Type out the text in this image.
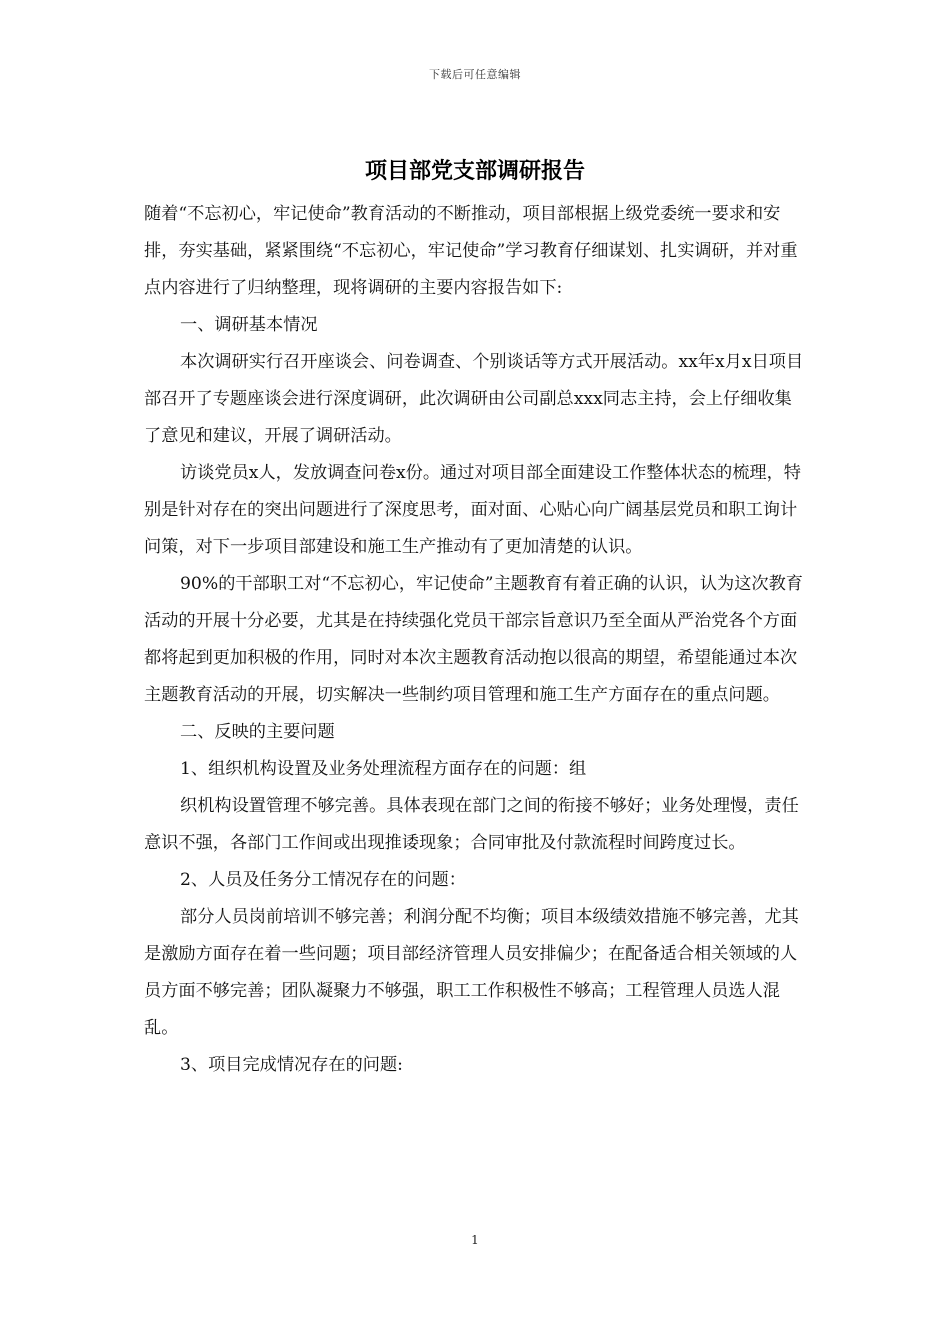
下载后可任意编辑
项目部党支部调研报告

随着“不忘初心，牢记使命”教育活动的不断推动，项目部根据上级党委统一要求和安排，夯实基础，紧紧围绕“不忘初心，牢记使命”学习教育仔细谋划、扎实调研，并对重点内容进行了归纳整理，现将调研的主要内容报告如下:

一、调研基本情况

本次调研实行召开座谈会、问卷调查、个别谈话等方式开展活动。xx年x月x日项目部召开了专题座谈会进行深度调研，此次调研由公司副总xxx同志主持，会上仔细收集了意见和建议，开展了调研活动。

访谈党员x人，发放调查问卷x份。通过对项目部全面建设工作整体状态的梳理，特别是针对存在的突出问题进行了深度思考，面对面、心贴心向广阔基层党员和职工询计问策，对下一步项目部建设和施工生产推动有了更加清楚的认识。

90%的干部职工对“不忘初心，牢记使命”主题教育有着正确的认识，认为这次教育活动的开展十分必要，尤其是在持续强化党员干部宗旨意识乃至全面从严治党各个方面都将起到更加积极的作用，同时对本次主题教育活动抱以很高的期望，希望能通过本次主题教育活动的开展，切实解决一些制约项目管理和施工生产方面存在的重点问题。

二、反映的主要问题

1、组织机构设置及业务处理流程方面存在的问题：组

织机构设置管理不够完善。具体表现在部门之间的衔接不够好；业务处理慢，责任意识不强，各部门工作间或出现推诿现象；合同审批及付款流程时间跨度过长。

2、人员及任务分工情况存在的问题：

部分人员岗前培训不够完善；利润分配不均衡；项目本级绩效措施不够完善，尤其是激励方面存在着一些问题；项目部经济管理人员安排偏少；在配备适合相关领域的人员方面不够完善；团队凝聚力不够强，职工工作积极性不够高；工程管理人员选人混乱。

3、项目完成情况存在的问题:

1
